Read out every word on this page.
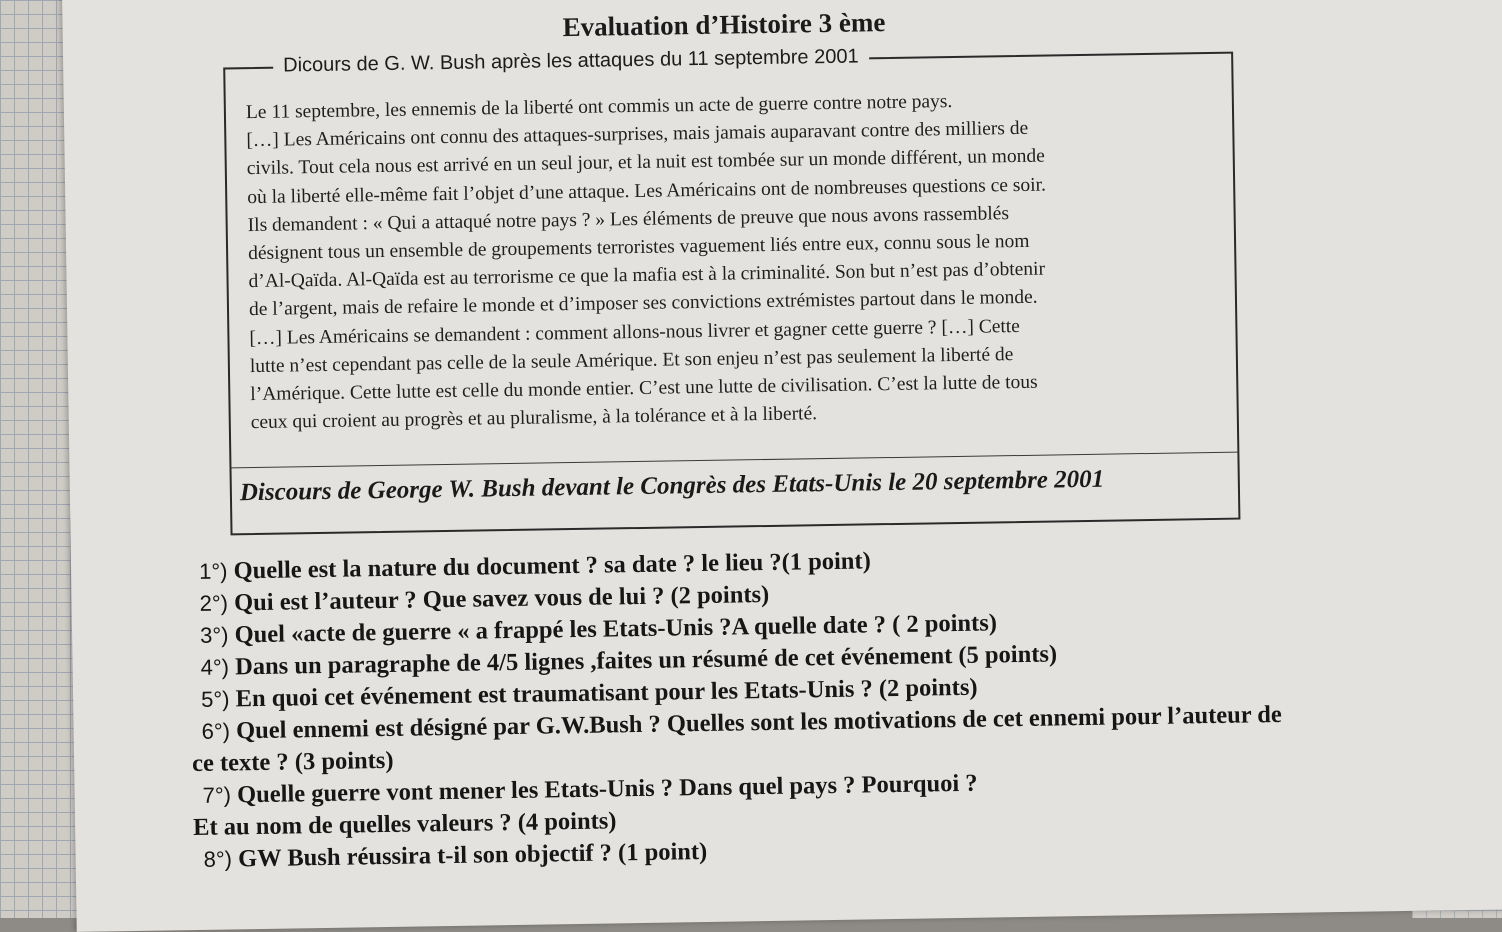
Evaluation d’Histoire 3 ème
Dicours de G. W. Bush après les attaques du 11 septembre 2001

Le 11 septembre, les ennemis de la liberté ont commis un acte de guerre contre notre pays.

[…] Les Américains ont connu des attaques-surprises, mais jamais auparavant contre des milliers de

civils. Tout cela nous est arrivé en un seul jour, et la nuit est tombée sur un monde différent, un monde

où la liberté elle-même fait l’objet d’une attaque. Les Américains ont de nombreuses questions ce soir.

Ils demandent : « Qui a attaqué notre pays ? » Les éléments de preuve que nous avons rassemblés

désignent tous un ensemble de groupements terroristes vaguement liés entre eux, connu sous le nom

d’Al-Qaïda. Al-Qaïda est au terrorisme ce que la mafia est à la criminalité. Son but n’est pas d’obtenir

de l’argent, mais de refaire le monde et d’imposer ses convictions extrémistes partout dans le monde.

[…] Les Américains se demandent : comment allons-nous livrer et gagner cette guerre ? […] Cette

lutte n’est cependant pas celle de la seule Amérique. Et son enjeu n’est pas seulement la liberté de

l’Amérique. Cette lutte est celle du monde entier. C’est une lutte de civilisation. C’est la lutte de tous

ceux qui croient au progrès et au pluralisme, à la tolérance et à la liberté.

Discours de George W. Bush devant le Congrès des Etats-Unis le 20 septembre 2001

1°) Quelle est la nature du document ? sa date ? le lieu ?(1 point)

2°) Qui est l’auteur ? Que savez vous de lui ? (2 points)

3°) Quel «acte de guerre « a frappé les Etats-Unis ?A quelle date ? ( 2 points)

4°) Dans un paragraphe de 4/5 lignes ,faites un résumé de cet événement (5 points)

5°) En quoi cet événement est traumatisant pour les Etats-Unis ? (2 points)

6°) Quel ennemi est désigné par G.W.Bush ? Quelles sont les motivations de cet ennemi pour l’auteur de

ce texte ? (3 points)

7°) Quelle guerre vont mener les Etats-Unis ? Dans quel pays ? Pourquoi ?

Et au nom de quelles valeurs ? (4 points)

8°) GW Bush réussira t-il son objectif ? (1 point)
